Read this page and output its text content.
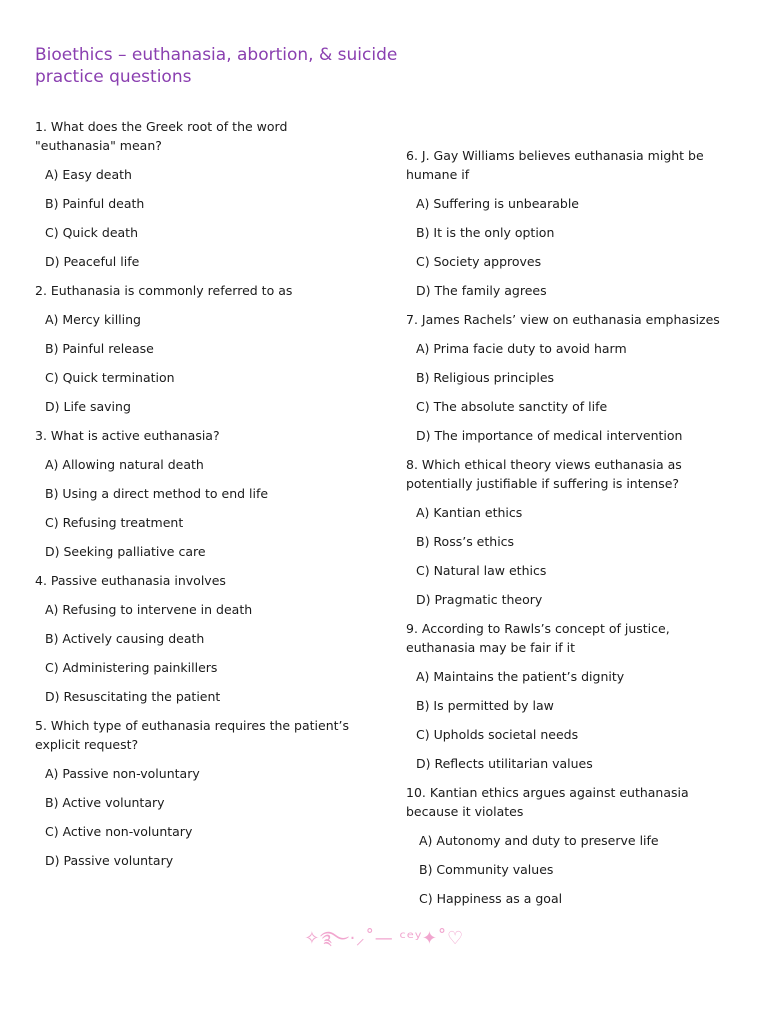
Bioethics – euthanasia, abortion, & suicide practice questions
1. What does the Greek root of the word "euthanasia" mean?
A) Easy death
B) Painful death
C) Quick death
D) Peaceful life
2. Euthanasia is commonly referred to as
A) Mercy killing
B) Painful release
C) Quick termination
D) Life saving
3. What is active euthanasia?
A) Allowing natural death
B) Using a direct method to end life
C) Refusing treatment
D) Seeking palliative care
4. Passive euthanasia involves
A) Refusing to intervene in death
B) Actively causing death
C) Administering painkillers
D) Resuscitating the patient
5. Which type of euthanasia requires the patient’s explicit request?
A) Passive non-voluntary
B) Active voluntary
C) Active non-voluntary
D) Passive voluntary
6. J. Gay Williams believes euthanasia might be humane if
A) Suffering is unbearable
B) It is the only option
C) Society approves
D) The family agrees
7. James Rachels’ view on euthanasia emphasizes
A) Prima facie duty to avoid harm
B) Religious principles
C) The absolute sanctity of life
D) The importance of medical intervention
8. Which ethical theory views euthanasia as potentially justifiable if suffering is intense?
A) Kantian ethics
B) Ross’s ethics
C) Natural law ethics
D) Pragmatic theory
9. According to Rawls’s concept of justice, euthanasia may be fair if it
A) Maintains the patient’s dignity
B) Is permitted by law
C) Upholds societal needs
D) Reflects utilitarian values
10. Kantian ethics argues against euthanasia because it violates
A) Autonomy and duty to preserve life
B) Community values
C) Happiness as a goal
✧࿐·⸝˚— ᶜᵉʸ✦˚♡
